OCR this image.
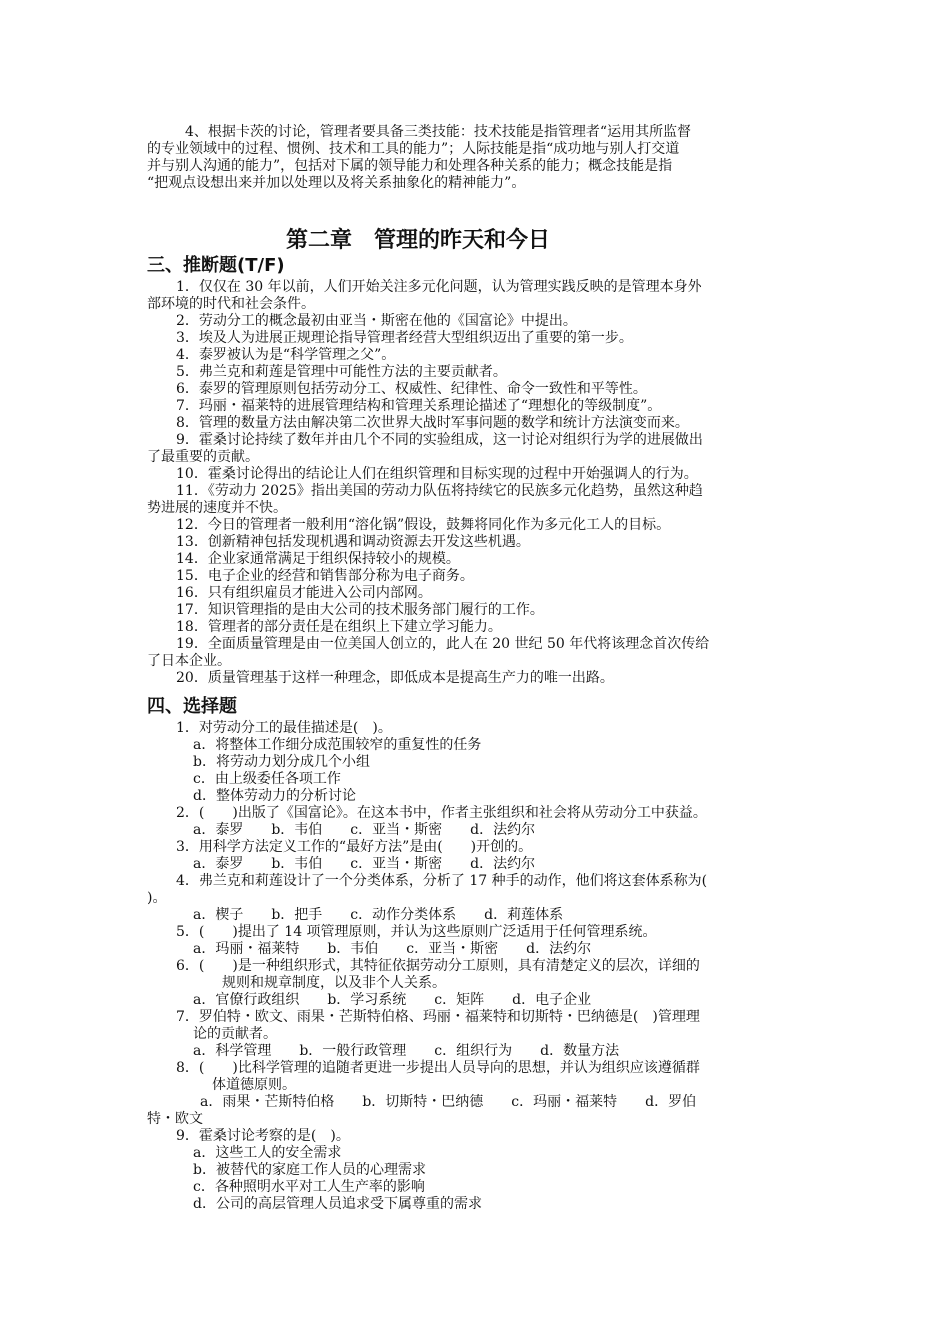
4、根据卡茨的讨论，管理者要具备三类技能：技术技能是指管理者“运用其所监督
的专业领域中的过程、惯例、技术和工具的能力”；人际技能是指“成功地与别人打交道
并与别人沟通的能力”，包括对下属的领导能力和处理各种关系的能力；概念技能是指
“把观点设想出来并加以处理以及将关系抽象化的精神能力”。
第二章　管理的昨天和今日
三、推断题(T/F)
1．仅仅在 30 年以前，人们开始关注多元化问题，认为管理实践反映的是管理本身外
部环境的时代和社会条件。
2．劳动分工的概念最初由亚当・斯密在他的《国富论》中提出。
3．埃及人为进展正规理论指导管理者经营大型组织迈出了重要的第一步。
4．泰罗被认为是“科学管理之父”。
5．弗兰克和莉莲是管理中可能性方法的主要贡献者。
6．泰罗的管理原则包括劳动分工、权威性、纪律性、命令一致性和平等性。
7．玛丽・福莱特的进展管理结构和管理关系理论描述了“理想化的等级制度”。
8．管理的数量方法由解决第二次世界大战时军事问题的数学和统计方法演变而来。
9．霍桑讨论持续了数年并由几个不同的实验组成，这一讨论对组织行为学的进展做出
了最重要的贡献。
10．霍桑讨论得出的结论让人们在组织管理和目标实现的过程中开始强调人的行为。
11．《劳动力 2025》指出美国的劳动力队伍将持续它的民族多元化趋势，虽然这种趋
势进展的速度并不快。
12．今日的管理者一般利用“溶化锅”假设，鼓舞将同化作为多元化工人的目标。
13．创新精神包括发现机遇和调动资源去开发这些机遇。
14．企业家通常满足于组织保持较小的规模。
15．电子企业的经营和销售部分称为电子商务。
16．只有组织雇员才能进入公司内部网。
17．知识管理指的是由大公司的技术服务部门履行的工作。
18．管理者的部分责任是在组织上下建立学习能力。
19．全面质量管理是由一位美国人创立的，此人在 20 世纪 50 年代将该理念首次传给
了日本企业。
20．质量管理基于这样一种理念，即低成本是提高生产力的唯一出路。
四、选择题
1．对劳动分工的最佳描述是(　)。
a．将整体工作细分成范围较窄的重复性的任务
b．将劳动力划分成几个小组
c．由上级委任各项工作
d．整体劳动力的分析讨论
2．(　　)出版了《国富论》。在这本书中，作者主张组织和社会将从劳动分工中获益。
a．泰罗　　b．韦伯　　c．亚当・斯密　　d．法约尔
3．用科学方法定义工作的“最好方法”是由(　　)开创的。
a．泰罗　　b．韦伯　　c．亚当・斯密　　d．法约尔
4．弗兰克和莉莲设计了一个分类体系，分析了 17 种手的动作，他们将这套体系称为(
)。
a．楔子　　b．把手　　c．动作分类体系　　d．莉莲体系
5．(　　)提出了 14 项管理原则，并认为这些原则广泛适用于任何管理系统。
a．玛丽・福莱特　　b．韦伯　　c．亚当・斯密　　d．法约尔
6．(　　)是一种组织形式，其特征依据劳动分工原则，具有清楚定义的层次，详细的
规则和规章制度，以及非个人关系。
a．官僚行政组织　　b．学习系统　　c．矩阵　　d．电子企业
7．罗伯特・欧文、雨果・芒斯特伯格、玛丽・福莱特和切斯特・巴纳德是(　)管理理
论的贡献者。
a．科学管理　　b．一般行政管理　　c．组织行为　　d．数量方法
8．(　　)比科学管理的追随者更进一步提出人员导向的思想，并认为组织应该遵循群
体道德原则。
a．雨果・芒斯特伯格　　b．切斯特・巴纳德　　c．玛丽・福莱特　　d．罗伯
特・欧文
9．霍桑讨论考察的是(　)。
a．这些工人的安全需求
b．被替代的家庭工作人员的心理需求
c．各种照明水平对工人生产率的影响
d．公司的高层管理人员追求受下属尊重的需求
